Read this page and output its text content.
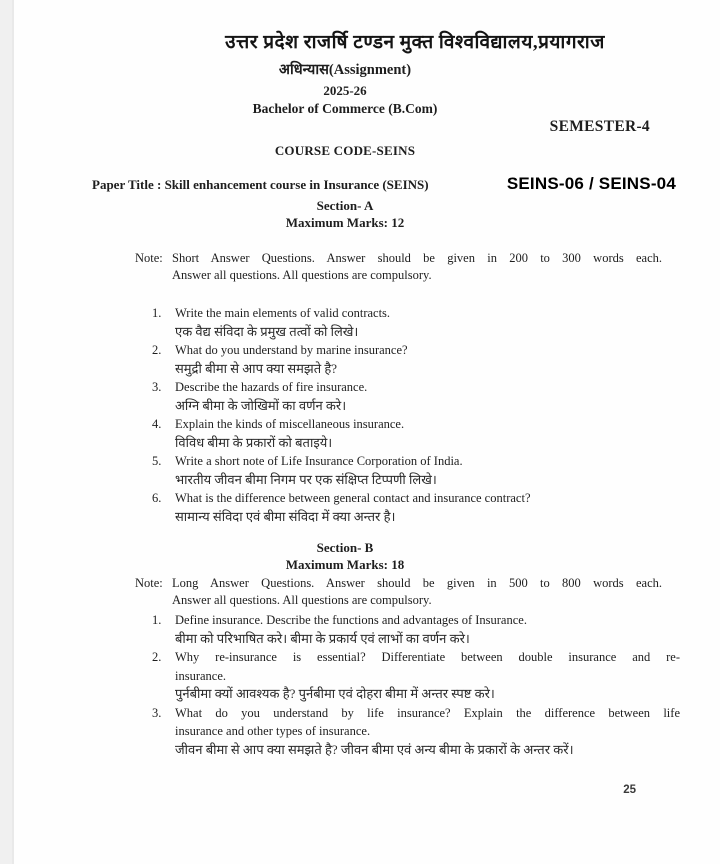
उत्तर प्रदेश राजर्षि टण्डन मुक्त विश्वविद्यालय,प्रयागराज
अधिन्यास(Assignment)
2025-26
Bachelor of Commerce (B.Com)
SEMESTER-4
COURSE CODE-SEINS
Paper Title : Skill enhancement course in Insurance (SEINS)	SEINS-06 / SEINS-04
Section- A
Maximum Marks: 12
Note: Short Answer Questions. Answer should be given in 200 to 300 words each.
Answer all questions. All questions are compulsory.
1.	Write the main elements of valid contracts.
एक वैद्य संविदा के प्रमुख तत्वों को लिखे।
2.	What do you understand by marine insurance?
समुद्री बीमा से आप क्या समझते है?
3.	Describe the hazards of fire insurance.
अग्नि बीमा के जोखिमों का वर्णन करे।
4.	Explain the kinds of miscellaneous insurance.
विविध बीमा के प्रकारों को बताइये।
5.	Write a short note of Life Insurance Corporation of India.
भारतीय जीवन बीमा निगम पर एक संक्षिप्त टिप्पणी लिखे।
6.	What is the difference between general contact and insurance contract?
सामान्य संविदा एवं बीमा संविदा में क्या अन्तर है।
Section- B
Maximum Marks: 18
Note: Long Answer Questions. Answer should be given in 500 to 800 words each.
Answer all questions. All questions are compulsory.
1.	Define insurance. Describe the functions and advantages of Insurance.
बीमा को परिभाषित करे। बीमा के प्रकार्य एवं लाभों का वर्णन करे।
2.	Why re-insurance is essential? Differentiate between double insurance and re-
insurance.
पुर्नबीमा क्यों आवश्यक है? पुर्नबीमा एवं दोहरा बीमा में अन्तर स्पष्ट करे।
3.	What do you understand by life insurance? Explain the difference between life
insurance and other types of insurance.
जीवन बीमा से आप क्या समझते है? जीवन बीमा एवं अन्य बीमा के प्रकारों के अन्तर करें।
25
